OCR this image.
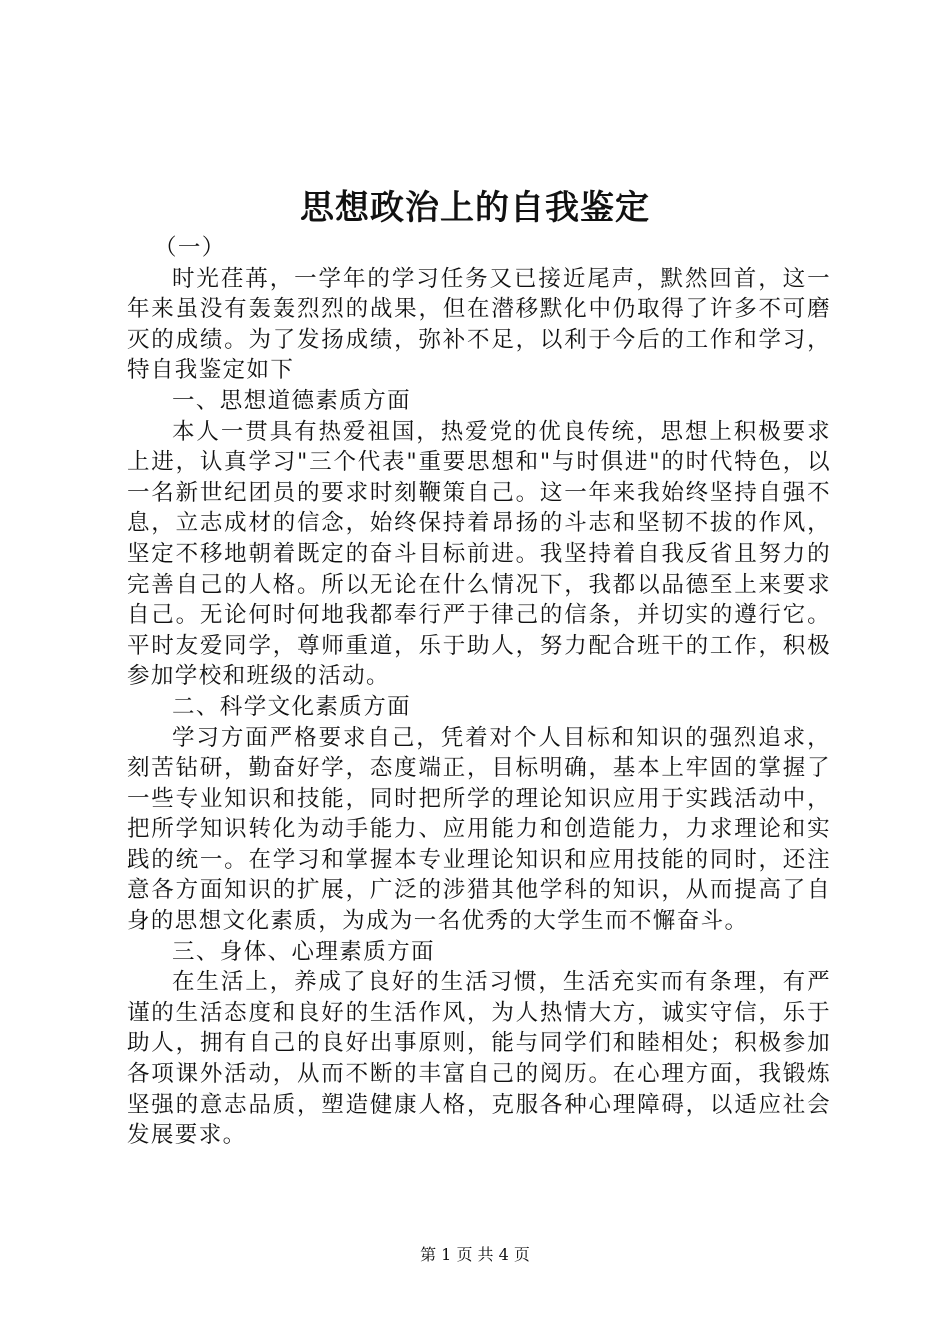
思想政治上的自我鉴定

（一）

时光荏苒，一学年的学习任务又已接近尾声，默然回首，这一年来虽没有轰轰烈烈的战果，但在潜移默化中仍取得了许多不可磨灭的成绩。为了发扬成绩，弥补不足，以利于今后的工作和学习，特自我鉴定如下

一、思想道德素质方面

本人一贯具有热爱祖国，热爱党的优良传统，思想上积极要求上进，认真学习"三个代表"重要思想和"与时俱进"的时代特色，以一名新世纪团员的要求时刻鞭策自己。这一年来我始终坚持自强不息，立志成材的信念，始终保持着昂扬的斗志和坚韧不拔的作风，坚定不移地朝着既定的奋斗目标前进。我坚持着自我反省且努力的完善自己的人格。所以无论在什么情况下，我都以品德至上来要求自己。无论何时何地我都奉行严于律己的信条，并切实的遵行它。平时友爱同学，尊师重道，乐于助人，努力配合班干的工作，积极参加学校和班级的活动。

二、科学文化素质方面

学习方面严格要求自己，凭着对个人目标和知识的强烈追求，刻苦钻研，勤奋好学，态度端正，目标明确，基本上牢固的掌握了一些专业知识和技能，同时把所学的理论知识应用于实践活动中，把所学知识转化为动手能力、应用能力和创造能力，力求理论和实践的统一。在学习和掌握本专业理论知识和应用技能的同时，还注意各方面知识的扩展，广泛的涉猎其他学科的知识，从而提高了自身的思想文化素质，为成为一名优秀的大学生而不懈奋斗。

三、身体、心理素质方面

在生活上，养成了良好的生活习惯，生活充实而有条理，有严谨的生活态度和良好的生活作风，为人热情大方，诚实守信，乐于助人，拥有自己的良好出事原则，能与同学们和睦相处；积极参加各项课外活动，从而不断的丰富自己的阅历。在心理方面，我锻炼坚强的意志品质，塑造健康人格，克服各种心理障碍，以适应社会发展要求。

第 1 页 共 4 页
